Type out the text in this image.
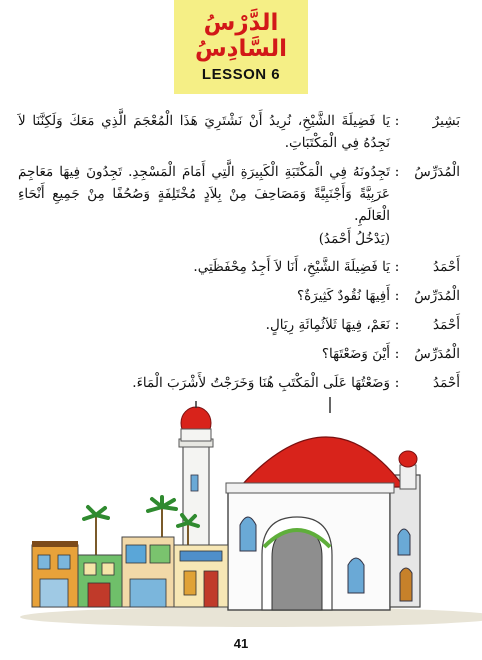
الدَّرْسُ السَّادِسُ
LESSON 6
بَشِيرٌ
:
يَا فَضِيلَةَ الشَّيْخِ، نُرِيدُ أَنْ نَشْتَرِيَ هَذَا الْمُعْجَمَ الَّذِي مَعَكَ وَلَكِنَّنَا لاَ نَجِدُهُ فِي الْمَكْتَبَاتِ.
الْمُدَرِّسُ
:
تَجِدُونَهُ فِي الْمَكْتَبَةِ الْكَبِيرَةِ الَّتِي أَمَامَ الْمَسْجِدِ. تَجِدُونَ فِيهَا مَعَاجِمَ عَرَبِيَّةً وَأَجْنَبِيَّةً وَمَصَاحِفَ مِنْ بِلاَدٍ مُخْتَلِفَةٍ وَصُحُفًا مِنْ جَمِيعِ أَنْحَاءِ الْعَالَمِ.
(يَدْخُلُ أَحْمَدُ)
أَحْمَدُ
:
يَا فَضِيلَةَ الشَّيْخِ، أَنَا لاَ أَجِدُ مِحْفَظَتِي.
الْمُدَرِّسُ
:
أَفِيهَا نُقُودٌ كَثِيرَةٌ؟
أَحْمَدُ
:
نَعَمْ، فِيهَا ثَلاَثُمِائَةِ رِيَالٍ.
الْمُدَرِّسُ
:
أَيْنَ وَضَعْتَهَا؟
أَحْمَدُ
:
وَضَعْتُهَا عَلَى الْمَكْتَبِ هُنَا وَخَرَجْتُ لأَشْرَبَ الْمَاءَ.
41
